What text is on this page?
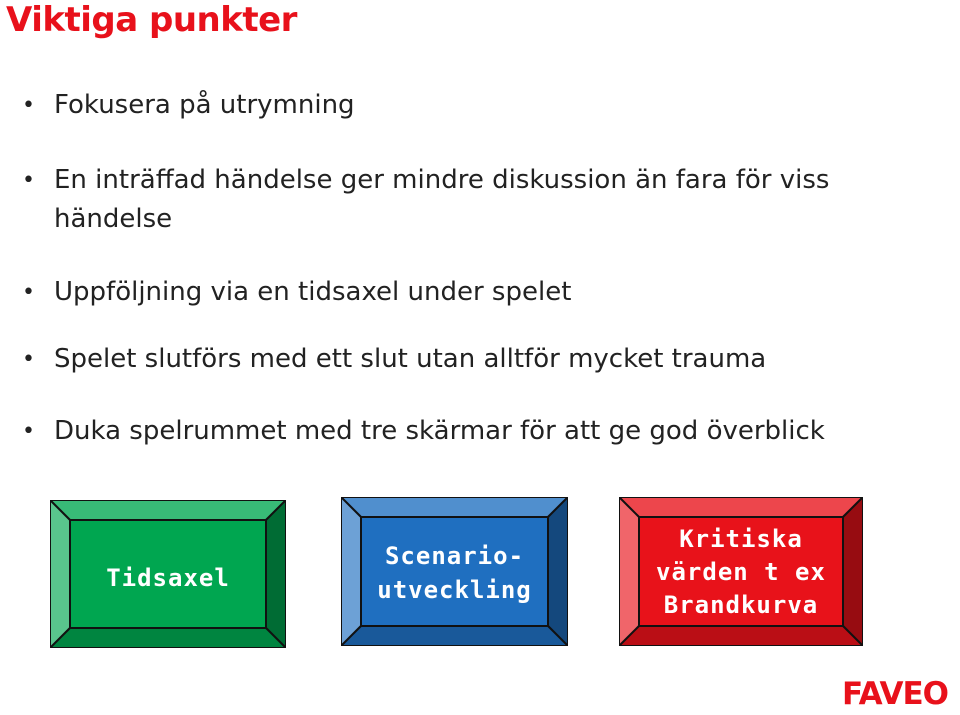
Viktiga punkter
• Fokusera på utrymning
• En inträffad händelse ger mindre diskussion än fara för viss händelse
• Uppföljning via en tidsaxel under spelet
• Spelet slutförs med ett slut utan alltför mycket trauma
• Duka spelrummet med tre skärmar för att ge god överblick
Tidsaxel
Scenario-
utveckling
Kritiska
värden t ex
Brandkurva
FAVEO
